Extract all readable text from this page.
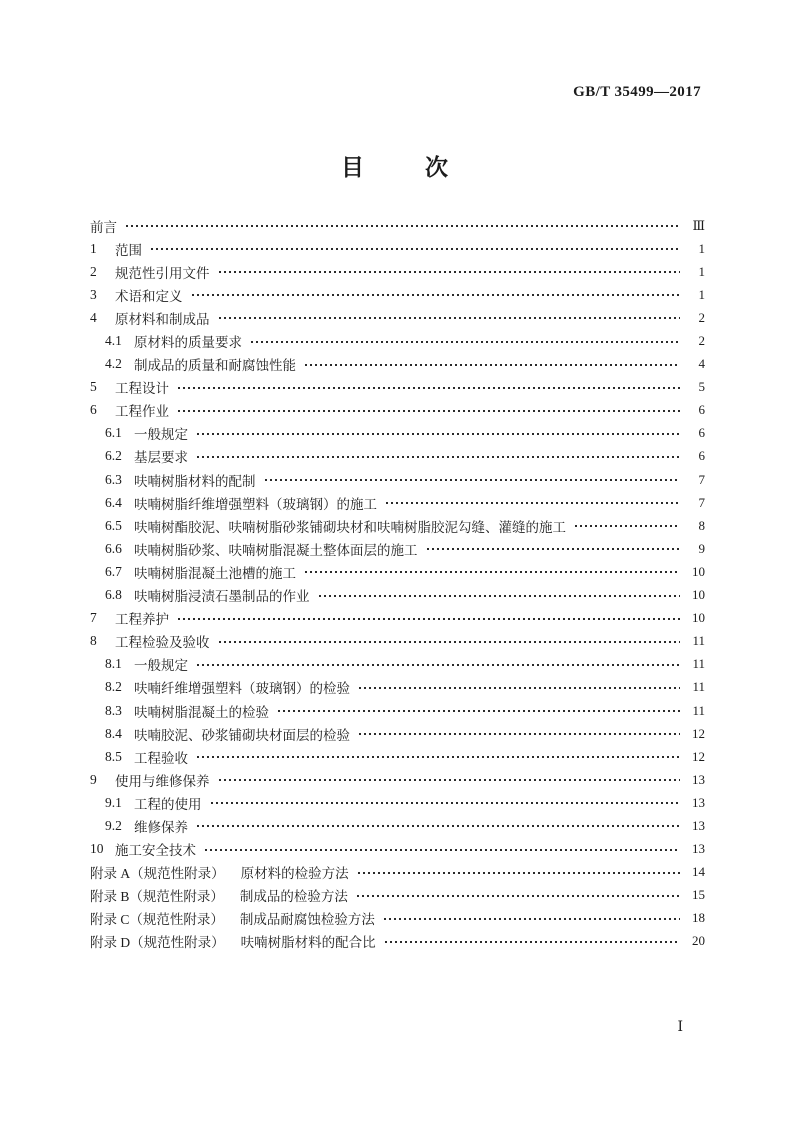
GB/T 35499—2017
目　　次
前言	Ⅲ
1	范围	1
2	规范性引用文件	1
3	术语和定义	1
4	原材料和制成品	2
4.1 原材料的质量要求	2
4.2 制成品的质量和耐腐蚀性能	4
5	工程设计	5
6	工程作业	6
6.1 一般规定	6
6.2 基层要求	6
6.3 呋喃树脂材料的配制	7
6.4 呋喃树脂纤维增强塑料（玻璃钢）的施工	7
6.5 呋喃树酯胶泥、呋喃树脂砂浆铺砌块材和呋喃树脂胶泥勾缝、灌缝的施工	8
6.6 呋喃树脂砂浆、呋喃树脂混凝土整体面层的施工	9
6.7 呋喃树脂混凝土池槽的施工	10
6.8 呋喃树脂浸渍石墨制品的作业	10
7	工程养护	10
8	工程检验及验收	11
8.1 一般规定	11
8.2 呋喃纤维增强塑料（玻璃钢）的检验	11
8.3 呋喃树脂混凝土的检验	11
8.4 呋喃胶泥、砂浆铺砌块材面层的检验	12
8.5 工程验收	12
9	使用与维修保养	13
9.1 工程的使用	13
9.2 维修保养	13
10 施工安全技术	13
附录 A（规范性附录） 原材料的检验方法	14
附录 B（规范性附录） 制成品的检验方法	15
附录 C（规范性附录） 制成品耐腐蚀检验方法	18
附录 D（规范性附录） 呋喃树脂材料的配合比	20
Ⅰ
